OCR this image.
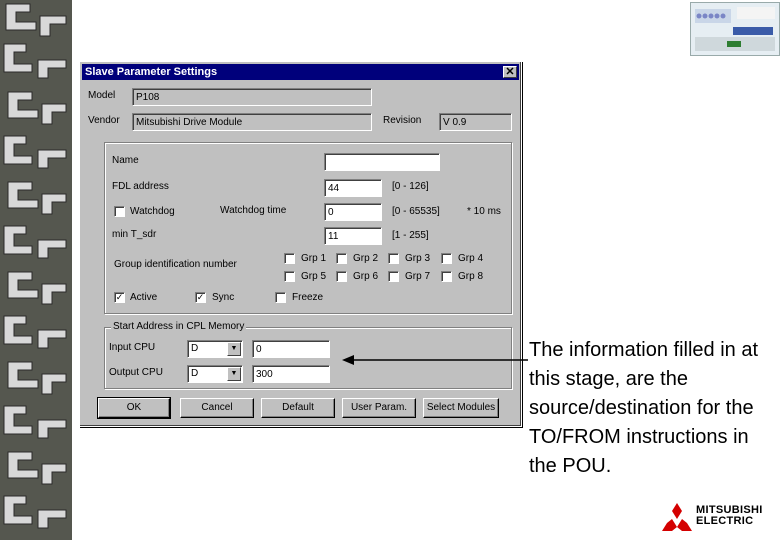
Slave Parameter Settings	✕
Model	P108
Vendor	Mitsubishi Drive Module	Revision	V 0.9
Name
FDL address	44	[0 - 126]
Watchdog	Watchdog time	0	[0 - 65535]	* 10 ms
min T_sdr	11	[1 - 255]
Group identification number
Grp 1	Grp 2	Grp 3	Grp 4
Grp 5	Grp 6	Grp 7	Grp 8
✓ Active	✓ Sync	Freeze
Start Address in CPL Memory
Input CPU	D	▼	0
Output CPU	D	▼	300
OK	Cancel	Default	User Param.	Select Modules
The information filled in at this stage, are the source/destination for the TO/FROM instructions in the POU.
MITSUBISHI
ELECTRIC
